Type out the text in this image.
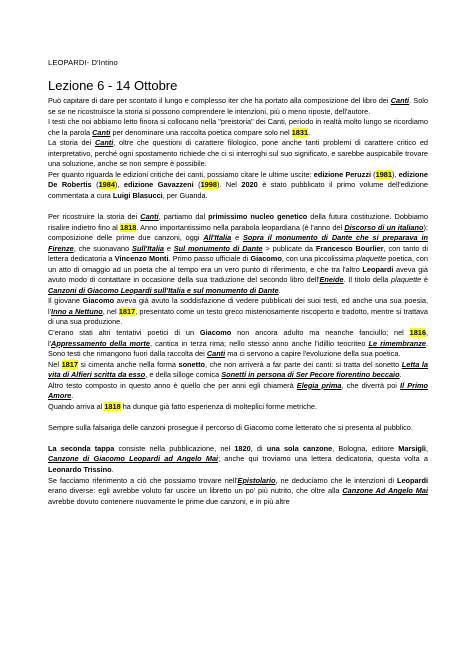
LEOPARDI- D'Intino
Lezione 6 - 14 Ottobre

Può capitare di dare per scontato il lungo e complesso iter che ha portato alla composizione del libro dei Canti. Solo se se ne ricostruisce la storia si possono comprendere le intenzioni, più o meno riposte, dell'autore.

I testi che noi abbiamo letto finora si collocano nella "preistoria" dei Canti, periodo in realtà molto lungo se ricordiamo che la parola Canti per denominare una raccolta poetica compare solo nel 1831.

La storia dei Canti, oltre che questioni di carattere filologico, pone anche tanti problemi di carattere critico ed interpretativo, perché ogni spostamento richiede che ci si interroghi sul suo significato, e sarebbe auspicabile trovare una soluzione, anche se non sempre è possibile.

Per quanto riguarda le edizioni critiche dei canti, possiamo citare le ultime uscite: edizione Peruzzi (1981), edizione De Robertis (1984), edizione Gavazzeni (1998). Nel 2020 è stato pubblicato il primo volume dell'edizione commentata a cura Luigi Blasucci, per Guanda.

Per ricostruire la storia dei Canti, partiamo dal primissimo nucleo genetico della futura costituzione. Dobbiamo risalire indietro fino al 1818. Anno importantissimo nella parabola leopardiana (è l'anno del Discorso di un italiano); composizione delle prime due canzoni, oggi All'Italia e Sopra il monumento di Dante che si preparava in Firenze, che suonavano Sull'Italia e Sul monumento di Dante > publicate da Francesco Bourlier, con tanto di lettera dedicatoria a Vincenzo Monti. Primo passo ufficiale di Giacomo, con una piccolissima plaquette poetica, con un atto di omaggio ad un poeta che al tempo era un vero punto di riferimento, e che tra l'altro Leopardi aveva già avuto modo di contattare in occasione della sua traduzione del secondo libro dell'Eneide. Il titolo della plaquette è Canzoni di Giacomo Leopardi sull'Italia e sul monumento di Dante.

Il giovane Giacomo aveva già avuto la soddisfazione di vedere pubblicati dei suoi testi, ed anche una sua poesia, l'Inno a Nettuno, nel 1817, presentato come un testo greco misteriosamente riscoperto e tradotto, mentre si trattava di una sua produzione.

C'erano stati altri tentativi poetici di un Giacomo non ancora adulto ma neanche fanciullo; nel 1816, l'Appressamento della morte, cantica in terza rima; nello stesso anno anche l'idillio teocriteo Le rimembranze. Sono testi che rimangono fuori dalla raccolta dei Canti ma ci servono a capire l'evoluzione della sua poetica.

Nel 1817 si cimenta anche nella forma sonetto, che non arriverà a far parte dei canti: si tratta del sonetto Letta la vita di Alfieri scritta da esso, e della silloge comica Sonetti in persona di Ser Pecore fiorentino beccaio.

Altro testo composto in questo anno è quello che per anni egli chiamerà Elegia prima, che diverrà poi Il Primo Amore.

Quando arriva al 1818 ha dunque già fatto esperienza di molteplici forme metriche.

Sempre sulla falsariga delle canzoni prosegue il percorso di Giacomo come letterato che si presenta al pubblico.

La seconda tappa consiste nella pubblicazione, nel 1820, di una sola canzone, Bologna, editore Marsigli, Canzone di Giacomo Leopardi ad Angelo Mai; anche qui troviamo una lettera dedicatoria, questa volta a Leonardo Trissino.

Se facciamo riferimento a ciò che possiamo trovare nell'Epistolario, ne deduciamo che le intenzioni di Leopardi erano diverse: egli avrebbe voluto far uscire un libretto un po' più nutrito, che oltre alla Canzone Ad Angelo Mai avrebbe dovuto contenere nuovamente le prime due canzoni, e in più altre
